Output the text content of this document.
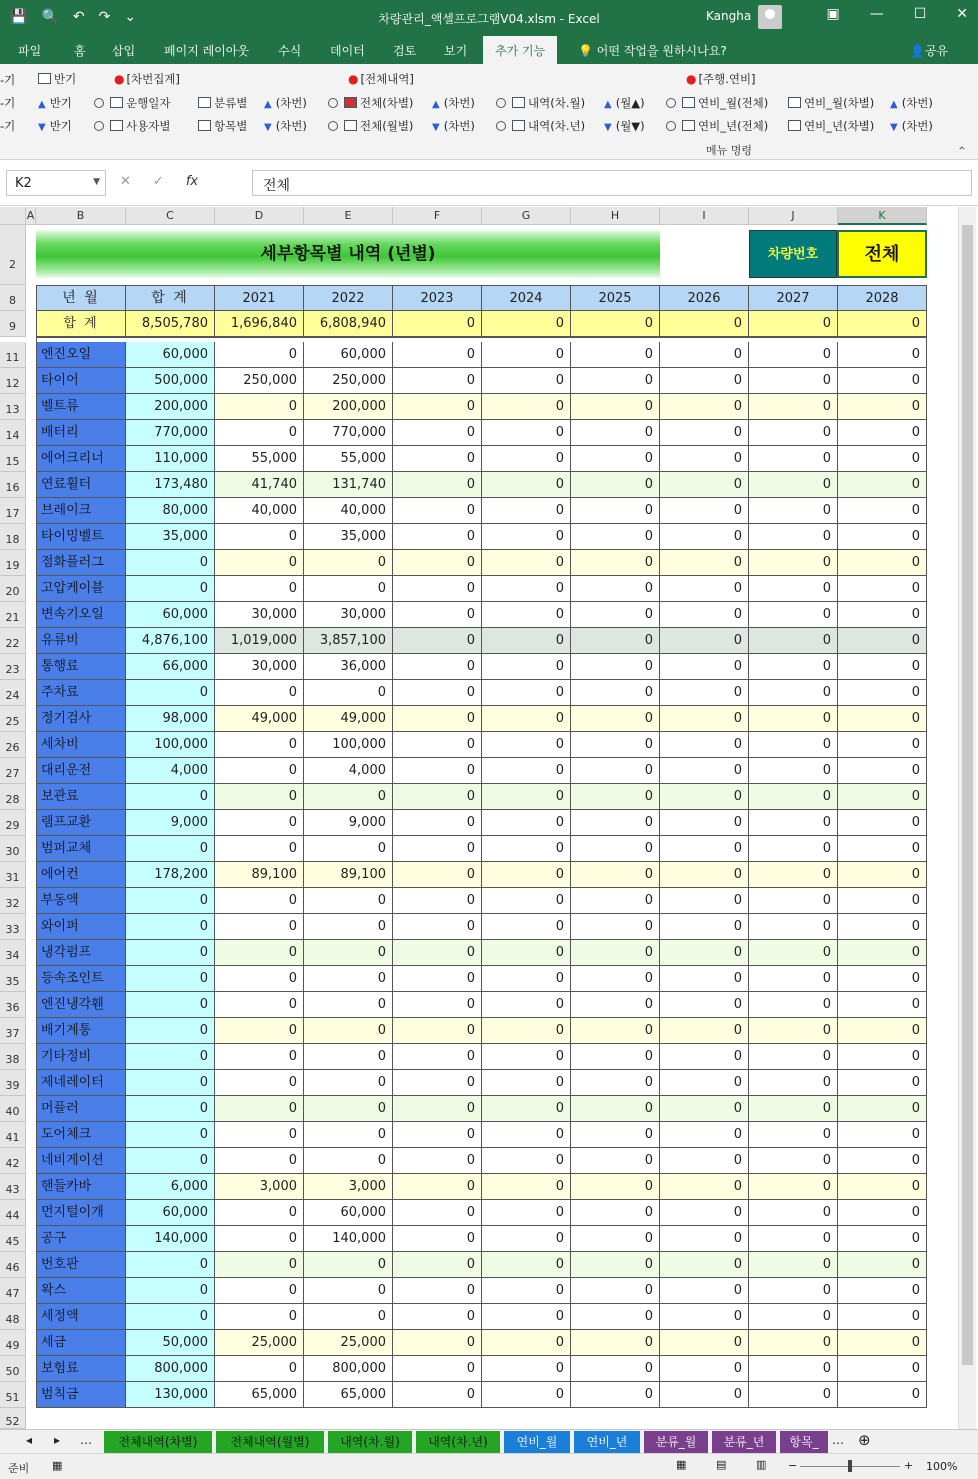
💾 🔍 ↶ ↷ ⌄	차량관리_액셀프로그램V04.xlsm - Excel	Kangha	▣ — ☐ ✕
파일	홈 삽입 페이지 레이아웃 수식 데이터 검토 보기	추가 기능	💡 어떤 작업을 원하시나요?	👤공유
-기	반기	● [차번집계]	● [전체내역]	● [주행.연비]
-기 ▲ 반기	운행일자	분류별 ▲ (차번)	전체(차별) ▲ (차번)	내역(차.월) ▲ (월▲)	연비_월(전체)	연비_월(차별) ▲ (차번)
-기 ▼ 반기	사용자별	항목별 ▼ (차번)	전체(월별) ▼ (차번)	내역(차.년) ▼ (월▼)	연비_년(전체)	연비_년(차별) ▼ (차번)
메뉴 명령	⌃
K2	▼ ✕ ✓ fx	전체
A	B	C	D	E	F	G	H	I	J	K
2
8
9
11
12
13
14
15
16
17
18
19
20
21
22
23
24
25
26
27
28
29
30
31
32
33
34
35
36
37
38
39
40
41
42
43
44
45
46
47
48
49
50
51
52
세부항목별 내역 (년별)	차량번호	전체
년 월	합 계	2021	2022	2023	2024	2025	2026	2027	2028
합 계	8,505,780	1,696,840	6,808,940	0	0	0	0	0	0
엔진오일	60,000	0	60,000	0	0	0	0	0	0
타이어	500,000	250,000	250,000	0	0	0	0	0	0
벨트류	200,000	0	200,000	0	0	0	0	0	0
배터리	770,000	0	770,000	0	0	0	0	0	0
에어크리너	110,000	55,000	55,000	0	0	0	0	0	0
연료휠터	173,480	41,740	131,740	0	0	0	0	0	0
브레이크	80,000	40,000	40,000	0	0	0	0	0	0
타이밍벨트	35,000	0	35,000	0	0	0	0	0	0
점화플러그	0	0	0	0	0	0	0	0	0
고압케이블	0	0	0	0	0	0	0	0	0
변속기오일	60,000	30,000	30,000	0	0	0	0	0	0
유류비	4,876,100	1,019,000	3,857,100	0	0	0	0	0	0
통행료	66,000	30,000	36,000	0	0	0	0	0	0
주차료	0	0	0	0	0	0	0	0	0
정기검사	98,000	49,000	49,000	0	0	0	0	0	0
세차비	100,000	0	100,000	0	0	0	0	0	0
대리운전	4,000	0	4,000	0	0	0	0	0	0
보관료	0	0	0	0	0	0	0	0	0
램프교환	9,000	0	9,000	0	0	0	0	0	0
범퍼교체	0	0	0	0	0	0	0	0	0
에어컨	178,200	89,100	89,100	0	0	0	0	0	0
부동액	0	0	0	0	0	0	0	0	0
와이퍼	0	0	0	0	0	0	0	0	0
냉각펌프	0	0	0	0	0	0	0	0	0
등속조인트	0	0	0	0	0	0	0	0	0
엔진냉각휀	0	0	0	0	0	0	0	0	0
배기계통	0	0	0	0	0	0	0	0	0
기타정비	0	0	0	0	0	0	0	0	0
제네레이터	0	0	0	0	0	0	0	0	0
머플러	0	0	0	0	0	0	0	0	0
도어체크	0	0	0	0	0	0	0	0	0
네비게이션	0	0	0	0	0	0	0	0	0
핸들카바	6,000	3,000	3,000	0	0	0	0	0	0
먼지털이개	60,000	0	60,000	0	0	0	0	0	0
공구	140,000	0	140,000	0	0	0	0	0	0
번호판	0	0	0	0	0	0	0	0	0
왁스	0	0	0	0	0	0	0	0	0
세정액	0	0	0	0	0	0	0	0	0
세금	50,000	25,000	25,000	0	0	0	0	0	0
보험료	800,000	0	800,000	0	0	0	0	0	0
범칙금	130,000	65,000	65,000	0	0	0	0	0	0
◂ ▸ …	전체내역(차별)	전체내역(월별)	내역(차.월)	내역(차.년)	연비_월	연비_년	분류_월	분류_년	항목_	… ⊕
준비 ▦	▦	▤	▥ −	+ 100%
